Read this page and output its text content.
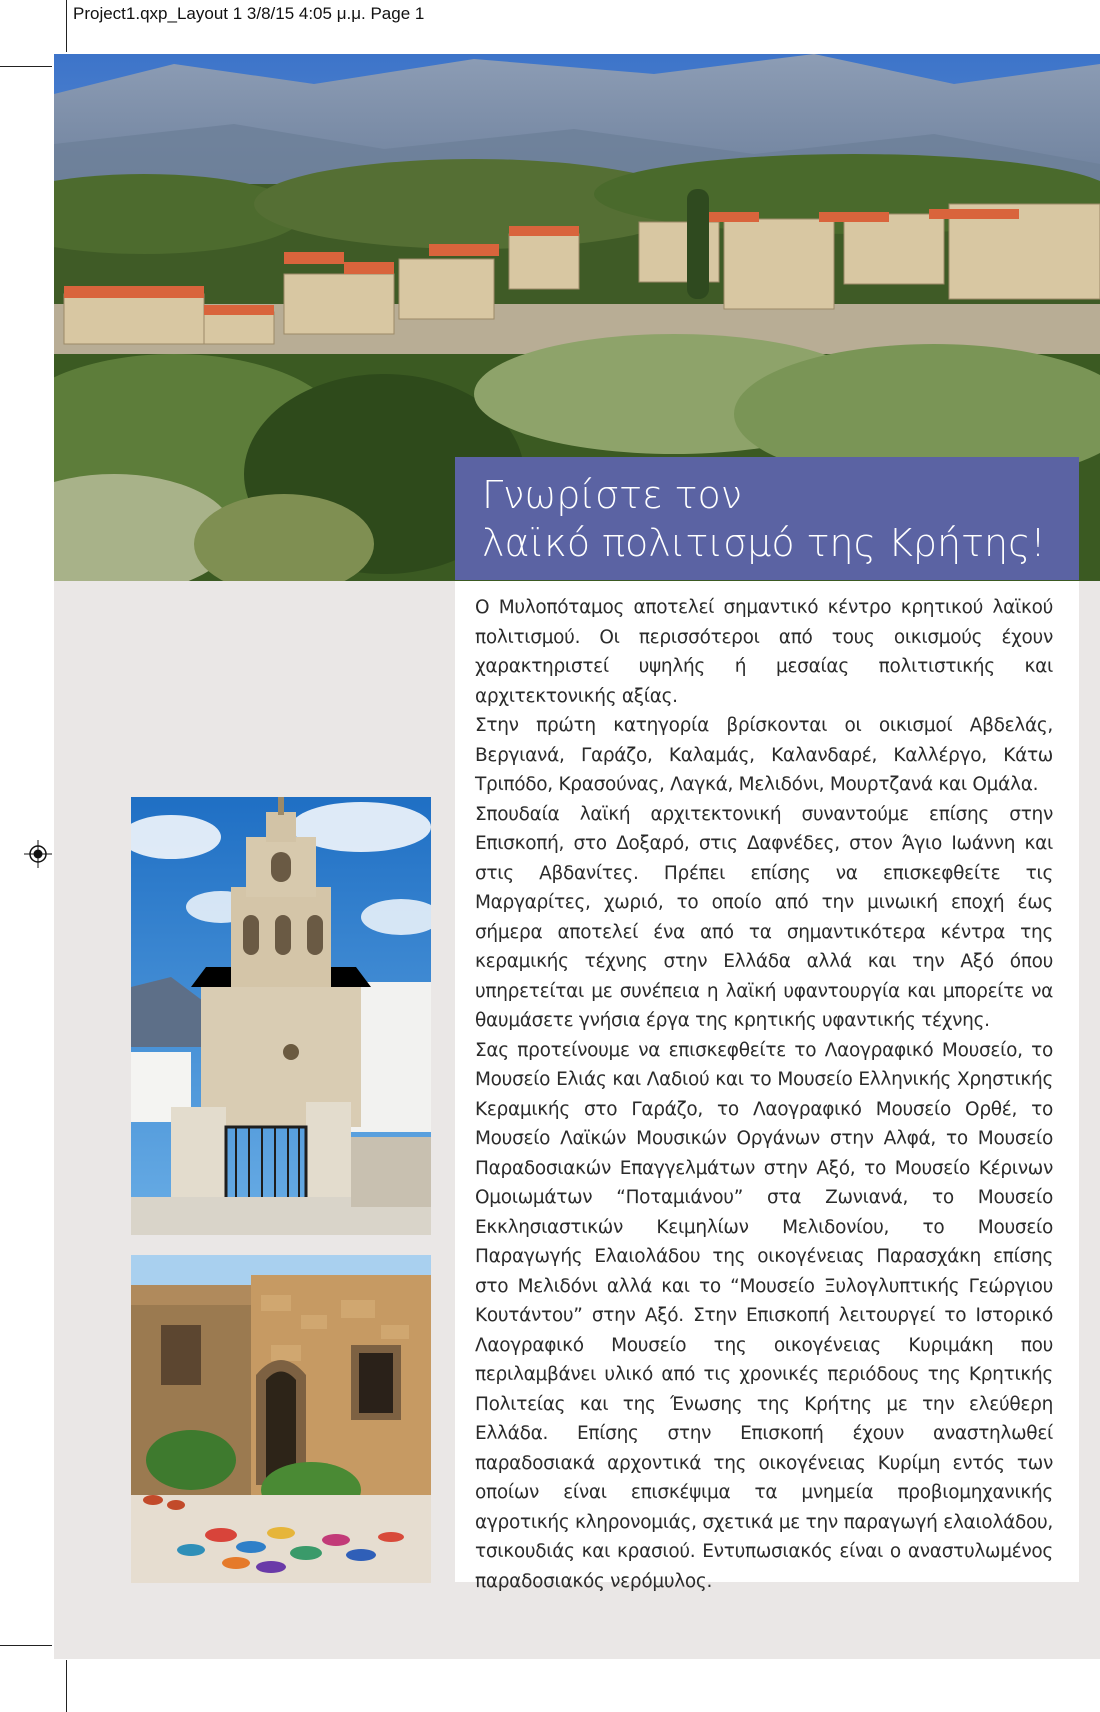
Project1.qxp_Layout 1 3/8/15 4:05 μ.μ. Page 1
Γνωρίστε τον
λαϊκό πολιτισμό της Κρήτης!

Ο Μυλοπόταμος αποτελεί σημαντικό κέντρο κρητικού λαϊκού πολιτισμού. Οι περισσότεροι από τους οικισμούς έχουν χαρακτηριστεί υψηλής ή μεσαίας πολιτιστικής και αρχιτεκτονικής αξίας.

Στην πρώτη κατηγορία βρίσκονται οι οικισμοί Αβδελάς, Βεργιανά, Γαράζο, Καλαμάς, Καλανδαρέ, Καλλέργο, Κάτω Τριπόδο, Κρασούνας, Λαγκά, Μελιδόνι, Μουρτζανά και Ομάλα.

Σπουδαία λαϊκή αρχιτεκτονική συναντούμε επίσης στην Επισκοπή, στο Δοξαρό, στις Δαφνέδες, στον Άγιο Ιωάννη και στις Αβδανίτες. Πρέπει επίσης να επισκεφθείτε τις Μαργαρίτες, χωριό, το οποίο από την μινωική εποχή έως σήμερα αποτελεί ένα από τα σημαντικότερα κέντρα της κεραμικής τέχνης στην Ελλάδα αλλά και την Αξό όπου υπηρετείται με συνέπεια η λαϊκή υφαντουργία και μπορείτε να θαυμάσετε γνήσια έργα της κρητικής υφαντικής τέχνης.

Σας προτείνουμε να επισκεφθείτε το Λαογραφικό Μουσείο, το Μουσείο Ελιάς και Λαδιού και το Μουσείο Ελληνικής Χρηστικής Κεραμικής στο Γαράζο, το Λαογραφικό Μουσείο Ορθέ, το Μουσείο Λαϊκών Μουσικών Οργάνων στην Αλφά, το Μουσείο Παραδοσιακών Επαγγελμάτων στην Αξό, το Μουσείο Κέρινων Ομοιωμάτων “Ποταμιάνου” στα Ζωνιανά, το Μουσείο Εκκλησιαστικών Κειμηλίων Μελιδονίου, το Μουσείο Παραγωγής Ελαιολάδου της οικογένειας Παρασχάκη επίσης στο Μελιδόνι αλλά και το “Μουσείο Ξυλογλυπτικής Γεώργιου Κουτάντου” στην Αξό. Στην Επισκοπή λειτουργεί το Ιστορικό Λαογραφικό Μουσείο της οικογένειας Κυριμάκη που περιλαμβάνει υλικό από τις χρονικές περιόδους της Κρητικής Πολιτείας και της Ένωσης της Κρήτης με την ελεύθερη Ελλάδα. Επίσης στην Επισκοπή έχουν αναστηλωθεί παραδοσιακά αρχοντικά της οικογένειας Κυρίμη εντός των οποίων είναι επισκέψιμα τα μνημεία προβιομηχανικής αγροτικής κληρονομιάς, σχετικά με την παραγωγή ελαιολάδου, τσικουδιάς και κρασιού. Εντυπωσιακός είναι ο αναστυλωμένος παραδοσιακός νερόμυλος.
